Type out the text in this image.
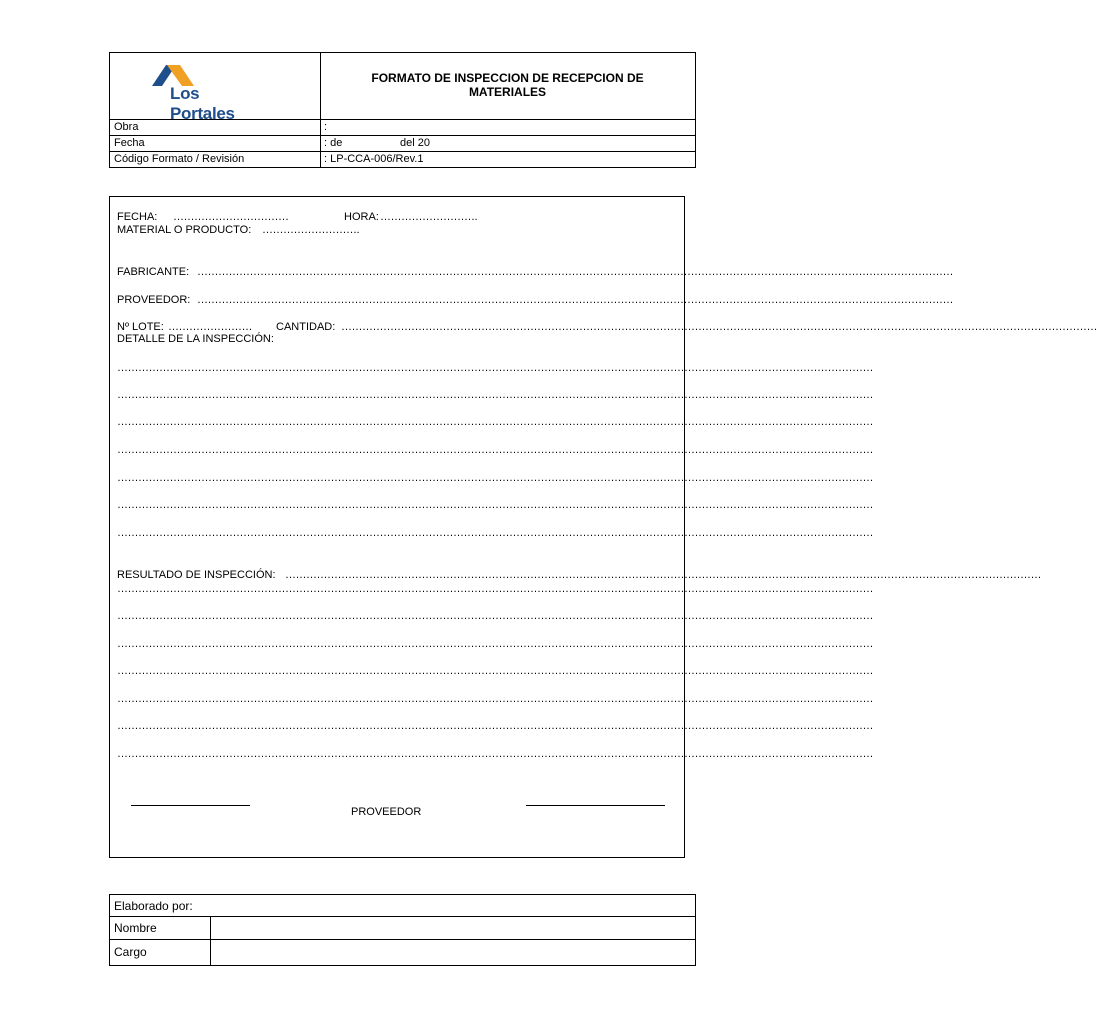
Los Portales
FORMATO DE INSPECCION DE RECEPCION DE
MATERIALES
Obra	:
Fecha	: de	del 20
Código Formato / Revisión	: LP-CCA-006/Rev.1
FECHA: ……………………………	HORA: ……………………….
MATERIAL O PRODUCTO: ……………………….
FABRICANTE: ………………………………………………………………………………………………………………………………………………………………………………………………
PROVEEDOR: ………………………………………………………………………………………………………………………………………………………………………………………………
Nº LOTE: ……………………	CANTIDAD: ………………………………………………………………………………………………………………………………………………………………………………………………
DETALLE DE LA INSPECCIÓN:
………………………………………………………………………………………………………………………………………………………………………………………………
………………………………………………………………………………………………………………………………………………………………………………………………
………………………………………………………………………………………………………………………………………………………………………………………………
………………………………………………………………………………………………………………………………………………………………………………………………
………………………………………………………………………………………………………………………………………………………………………………………………
………………………………………………………………………………………………………………………………………………………………………………………………
………………………………………………………………………………………………………………………………………………………………………………………………
RESULTADO DE INSPECCIÓN: ………………………………………………………………………………………………………………………………………………………………………………………………
………………………………………………………………………………………………………………………………………………………………………………………………
………………………………………………………………………………………………………………………………………………………………………………………………
………………………………………………………………………………………………………………………………………………………………………………………………
………………………………………………………………………………………………………………………………………………………………………………………………
………………………………………………………………………………………………………………………………………………………………………………………………
………………………………………………………………………………………………………………………………………………………………………………………………
………………………………………………………………………………………………………………………………………………………………………………………………
PROVEEDOR
Elaborado por:
Nombre
Cargo
